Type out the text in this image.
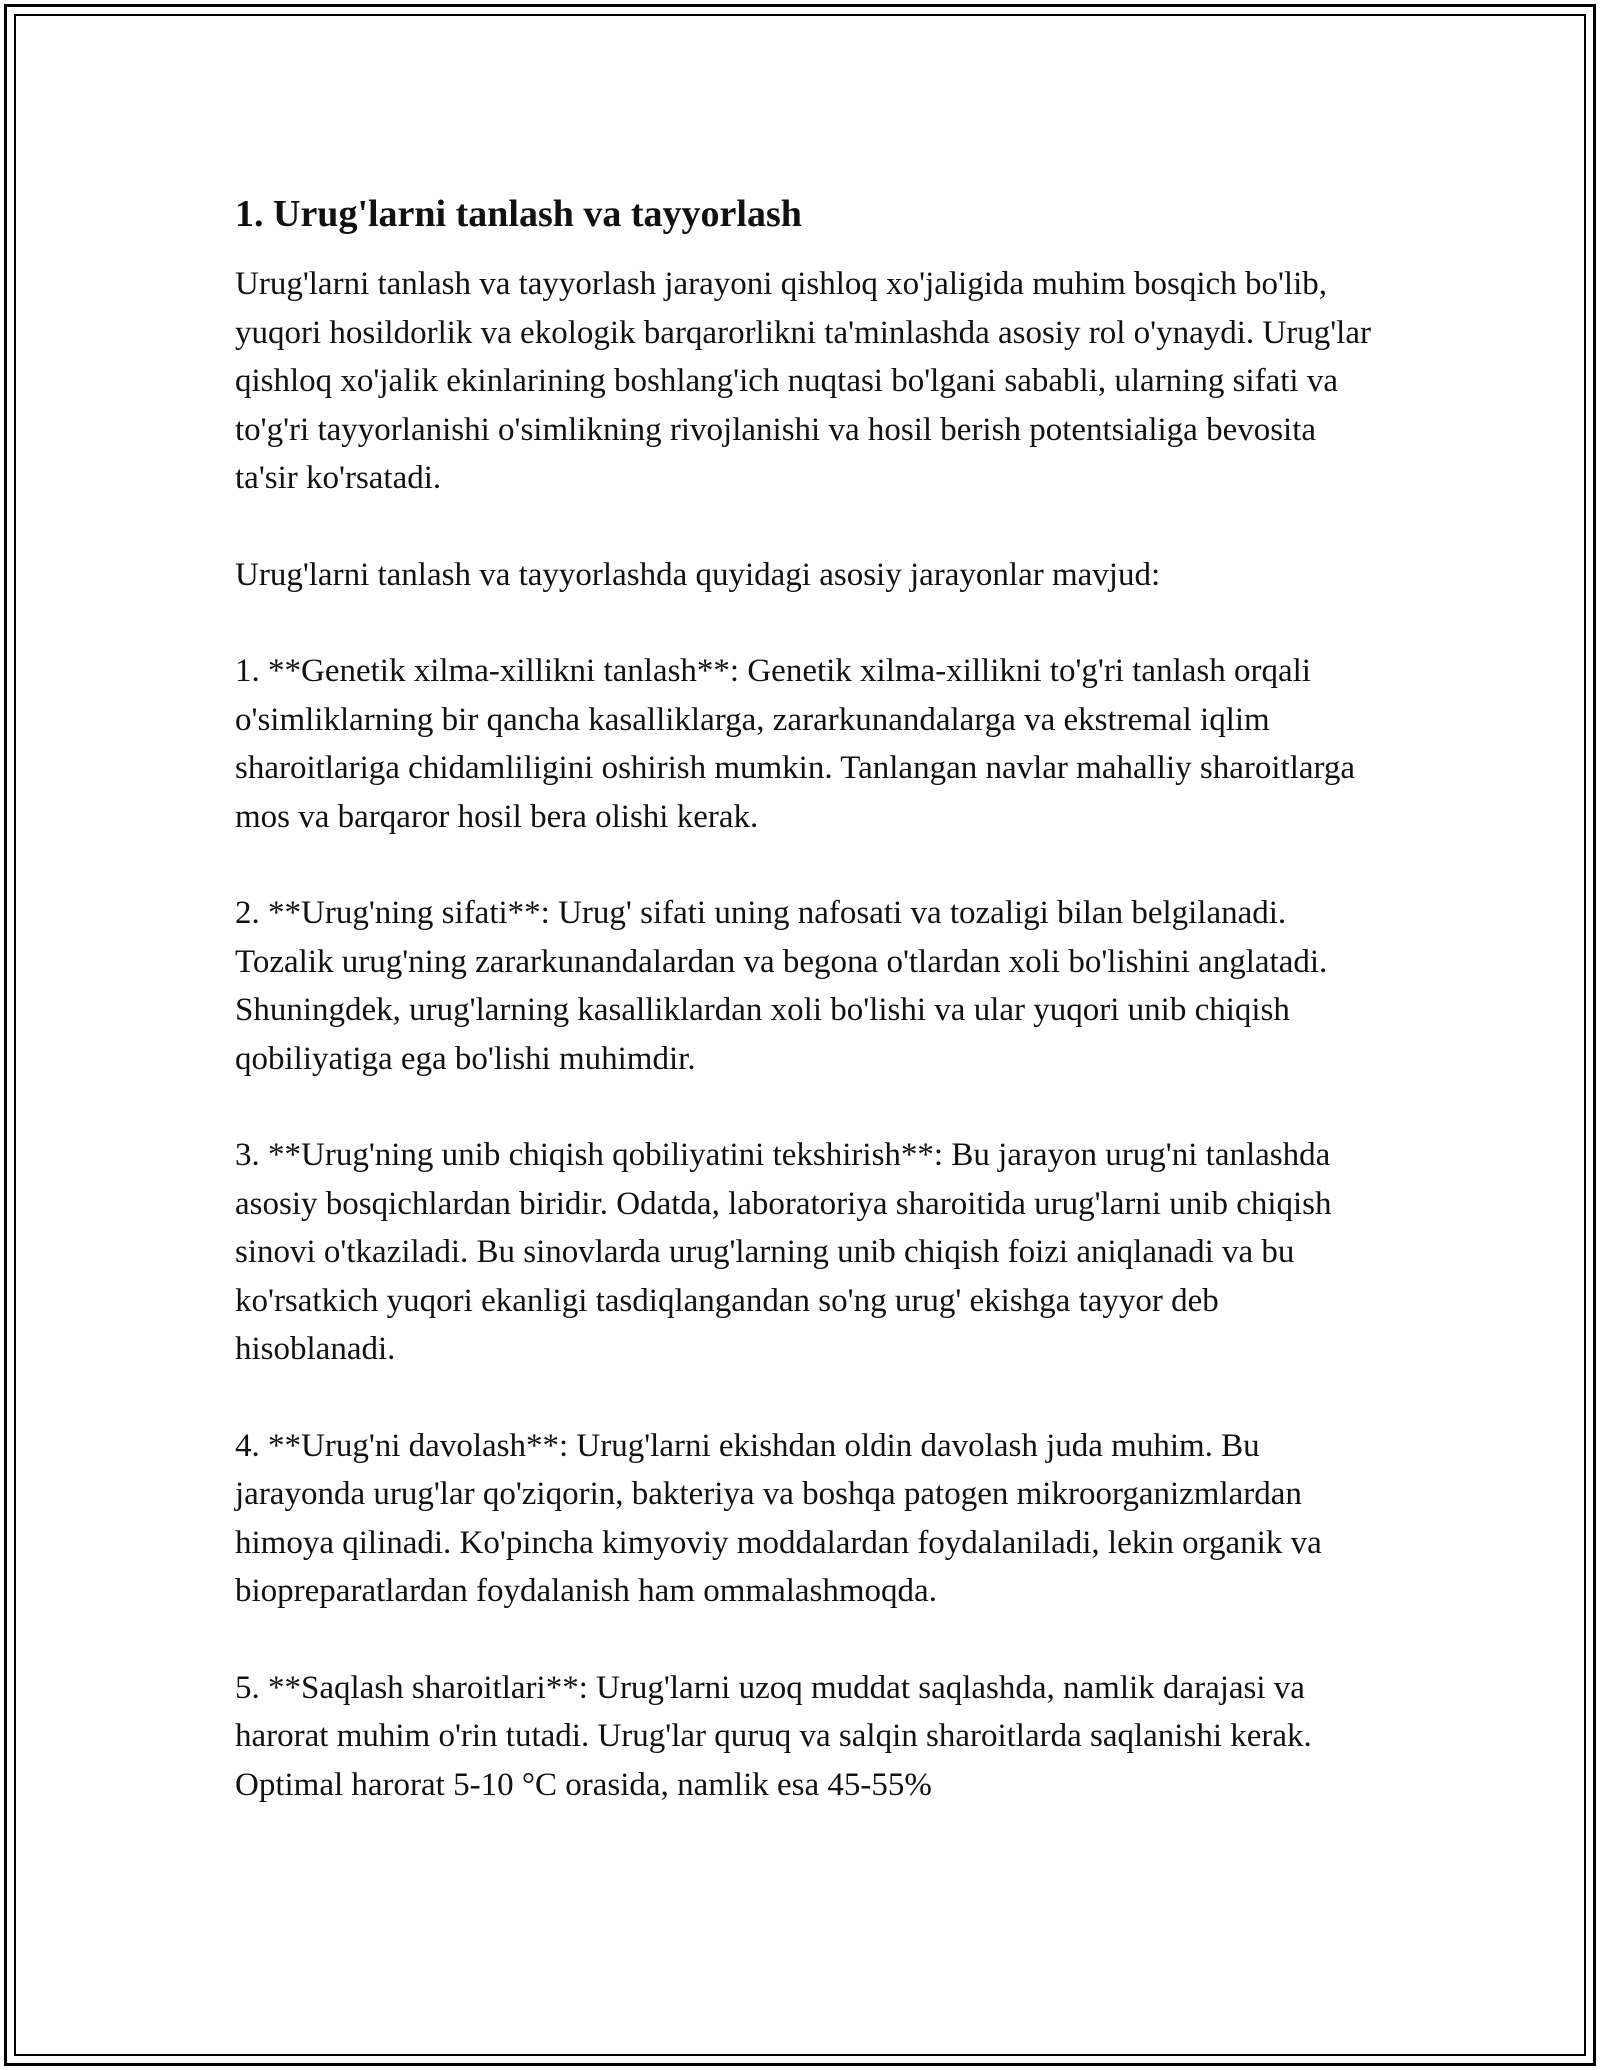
1. Urug'larni tanlash va tayyorlash

Urug'larni tanlash va tayyorlash jarayoni qishloq xo'jaligida muhim bosqich bo'lib, yuqori hosildorlik va ekologik barqarorlikni ta'minlashda asosiy rol o'ynaydi. Urug'lar qishloq xo'jalik ekinlarining boshlang'ich nuqtasi bo'lgani sababli, ularning sifati va to'g'ri tayyorlanishi o'simlikning rivojlanishi va hosil berish potentsialiga bevosita ta'sir ko'rsatadi.

Urug'larni tanlash va tayyorlashda quyidagi asosiy jarayonlar mavjud:

1. **Genetik xilma-xillikni tanlash**: Genetik xilma-xillikni to'g'ri tanlash orqali o'simliklarning bir qancha kasalliklarga, zararkunandalarga va ekstremal iqlim sharoitlariga chidamliligini oshirish mumkin. Tanlangan navlar mahalliy sharoitlarga mos va barqaror hosil bera olishi kerak.

2. **Urug'ning sifati**: Urug' sifati uning nafosati va tozaligi bilan belgilanadi. Tozalik urug'ning zararkunandalardan va begona o'tlardan xoli bo'lishini anglatadi. Shuningdek, urug'larning kasalliklardan xoli bo'lishi va ular yuqori unib chiqish qobiliyatiga ega bo'lishi muhimdir.

3. **Urug'ning unib chiqish qobiliyatini tekshirish**: Bu jarayon urug'ni tanlashda asosiy bosqichlardan biridir. Odatda, laboratoriya sharoitida urug'larni unib chiqish sinovi o'tkaziladi. Bu sinovlarda urug'larning unib chiqish foizi aniqlanadi va bu ko'rsatkich yuqori ekanligi tasdiqlangandan so'ng urug' ekishga tayyor deb hisoblanadi.

4. **Urug'ni davolash**: Urug'larni ekishdan oldin davolash juda muhim. Bu jarayonda urug'lar qo'ziqorin, bakteriya va boshqa patogen mikroorganizmlardan himoya qilinadi. Ko'pincha kimyoviy moddalardan foydalaniladi, lekin organik va biopreparatlardan foydalanish ham ommalashmoqda.

5. **Saqlash sharoitlari**: Urug'larni uzoq muddat saqlashda, namlik darajasi va harorat muhim o'rin tutadi. Urug'lar quruq va salqin sharoitlarda saqlanishi kerak. Optimal harorat 5-10 °C orasida, namlik esa 45-55%
